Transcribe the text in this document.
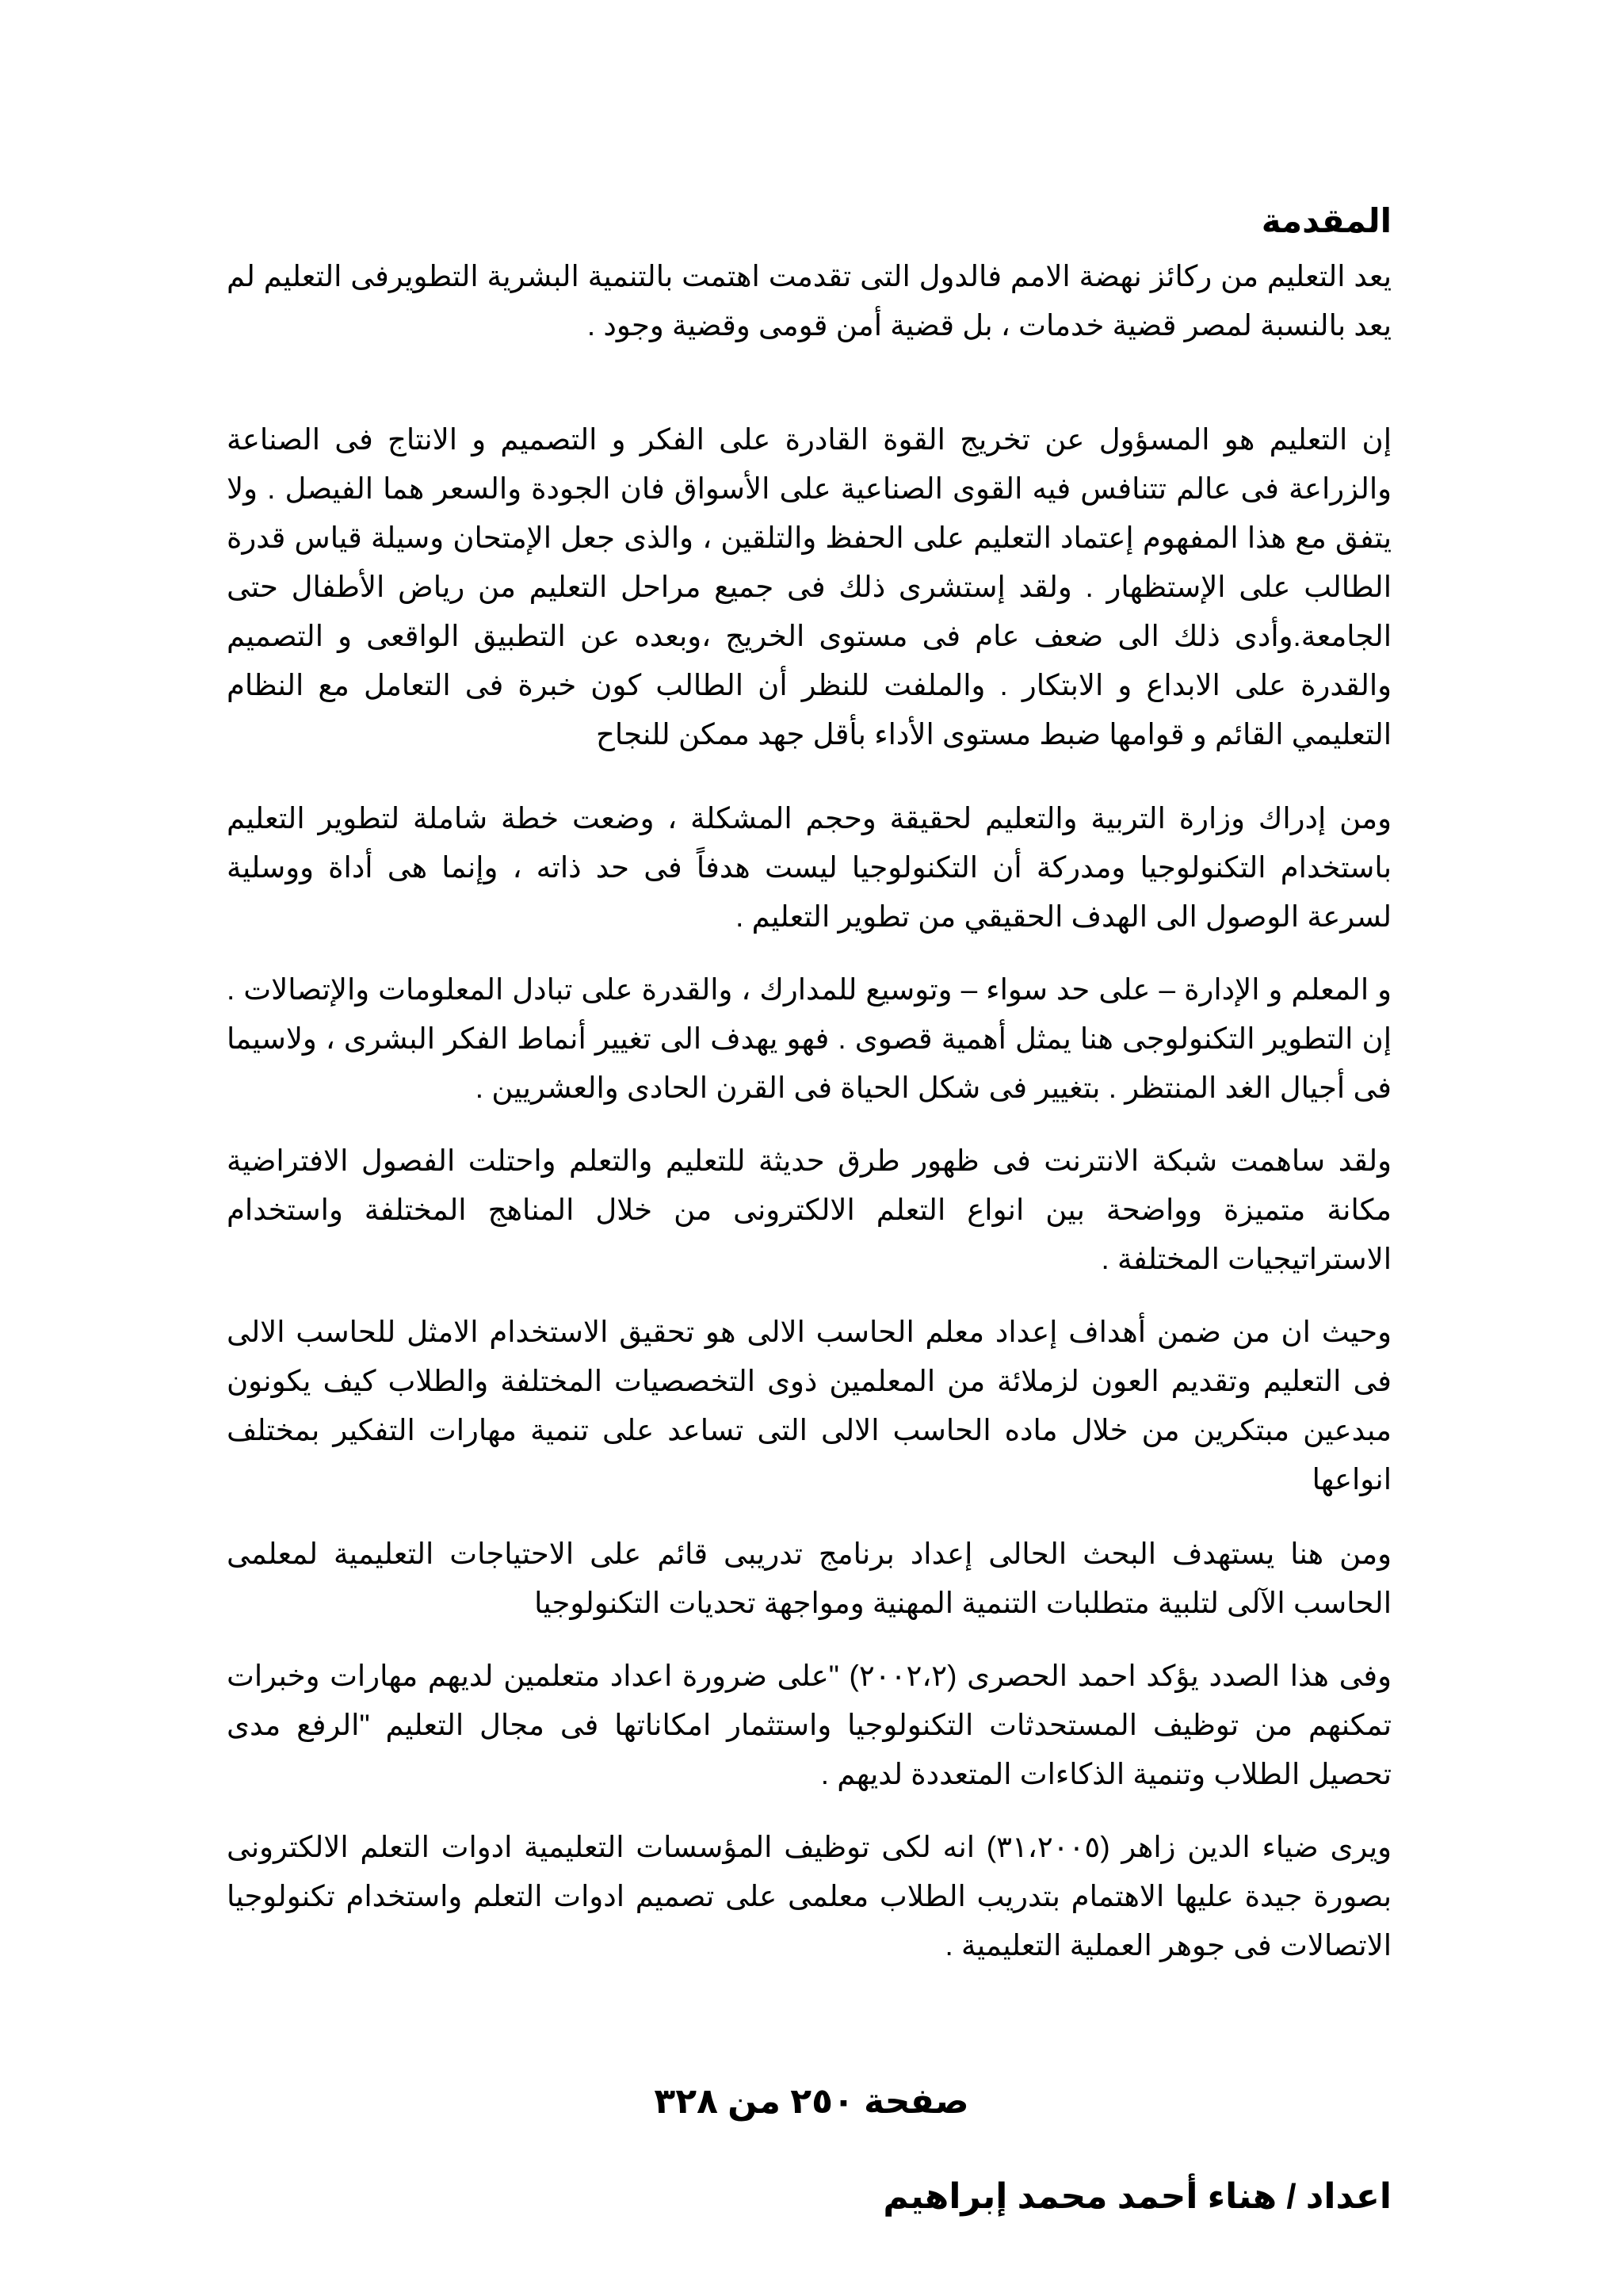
المقدمة

يعد التعليم من ركائز نهضة الامم فالدول التى تقدمت اهتمت بالتنمية البشرية التطويرفى التعليم لم يعد بالنسبة لمصر قضية خدمات ، بل قضية أمن قومى وقضية وجود .

إن التعليم هو المسؤول عن تخريج القوة القادرة على الفكر و التصميم و الانتاج فى الصناعة والزراعة فى عالم تتنافس فيه القوى الصناعية على الأسواق فان الجودة والسعر هما الفيصل . ولا يتفق مع هذا المفهوم إعتماد التعليم على الحفظ والتلقين ، والذى جعل الإمتحان وسيلة قياس قدرة الطالب على الإستظهار . ولقد إستشرى ذلك فى جميع مراحل التعليم من رياض الأطفال حتى الجامعة.وأدى ذلك الى ضعف عام فى مستوى الخريج ،وبعده عن التطبيق الواقعى و التصميم والقدرة على الابداع و الابتكار . والملفت للنظر أن الطالب كون خبرة فى التعامل مع النظام التعليمي القائم و قوامها ضبط مستوى الأداء بأقل جهد ممكن للنجاح

ومن إدراك وزارة التربية والتعليم لحقيقة وحجم المشكلة ، وضعت خطة شاملة لتطوير التعليم باستخدام التكنولوجيا ومدركة أن التكنولوجيا ليست هدفاً فى حد ذاته ، وإنما هى أداة ووسلية لسرعة الوصول الى الهدف الحقيقي من تطوير التعليم .

و المعلم و الإدارة – على حد سواء – وتوسيع للمدارك ، والقدرة على تبادل المعلومات والإتصالات . إن التطوير التكنولوجى هنا يمثل أهمية قصوى . فهو يهدف الى تغيير أنماط الفكر البشرى ، ولاسيما فى أجيال الغد المنتظر . بتغيير فى شكل الحياة فى القرن الحادى والعشريين .

ولقد ساهمت شبكة الانترنت فى ظهور طرق حديثة للتعليم والتعلم واحتلت الفصول الافتراضية مكانة متميزة وواضحة بين انواع التعلم الالكترونى من خلال المناهج المختلفة واستخدام الاستراتيجيات المختلفة .

وحيث ان من ضمن أهداف إعداد معلم الحاسب الالى هو تحقيق الاستخدام الامثل للحاسب الالى فى التعليم وتقديم العون لزملائة من المعلمين ذوى التخصصيات المختلفة والطلاب كيف يكونون مبدعين مبتكرين من خلال ماده الحاسب الالى التى تساعد على تنمية مهارات التفكير بمختلف انواعها

ومن هنا يستهدف البحث الحالى إعداد برنامج تدريبى قائم على الاحتياجات التعليمية لمعلمى الحاسب الآلى لتلبية متطلبات التنمية المهنية ومواجهة تحديات التكنولوجيا

وفى هذا الصدد يؤكد احمد الحصرى (٢٠٠٢،٢) "على ضرورة اعداد متعلمين لديهم مهارات وخبرات تمكنهم من توظيف المستحدثات التكنولوجيا واستثمار امكاناتها فى مجال التعليم "الرفع مدى تحصيل الطلاب وتنمية الذكاءات المتعددة لديهم .

ويرى ضياء الدين زاهر (٣١،٢٠٠٥) انه لكى توظيف المؤسسات التعليمية ادوات التعلم الالكترونى بصورة جيدة عليها الاهتمام بتدريب الطلاب معلمى على تصميم ادوات التعلم واستخدام تكنولوجيا الاتصالات فى جوهر العملية التعليمية .

صفحة ٢٥٠ من ٣٢٨
اعداد / هناء أحمد محمد إبراهيم
